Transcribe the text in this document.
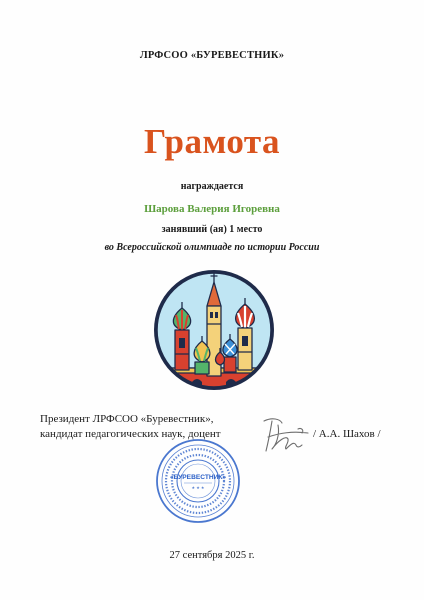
ЛРФСОО «БУРЕВЕСТНИК»
Грамота
награждается
Шарова Валерия Игоревна
занявший (ая) 1 место
во Всероссийской олимпиаде по истории России
Президент ЛРФСОО «Буревестник»,
кандидат педагогических наук, доцент	/ А.А. Шахов /
«БУРЕВЕСТНИК»
★ ★ ★
27 сентября 2025 г.
